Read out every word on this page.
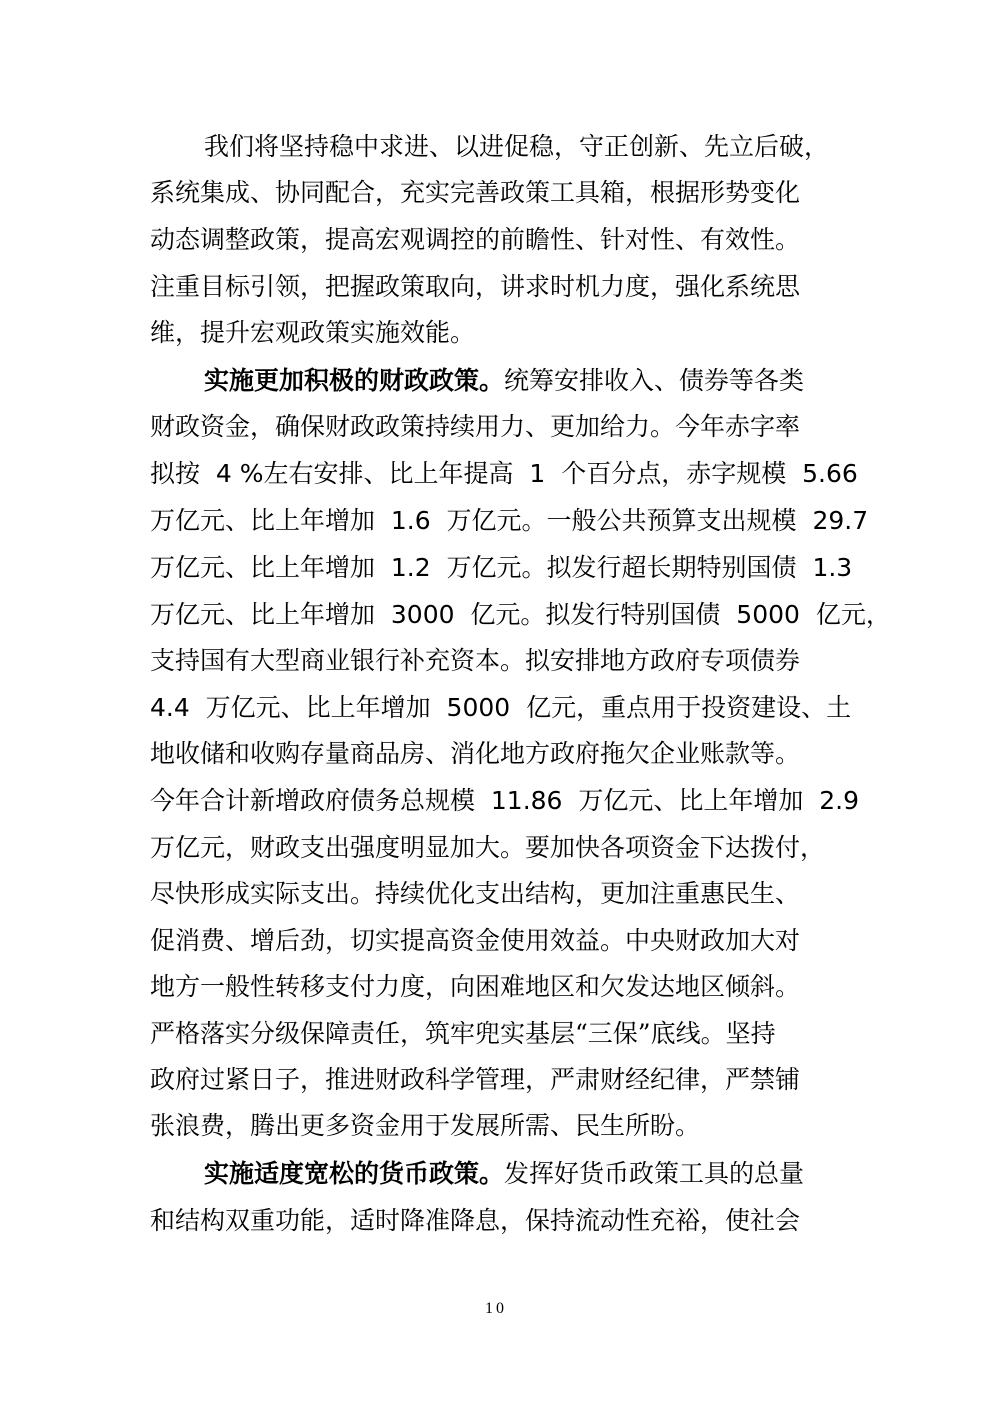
我们将坚持稳中求进、以进促稳，守正创新、先立后破，
系统集成、协同配合，充实完善政策工具箱，根据形势变化
动态调整政策，提高宏观调控的前瞻性、针对性、有效性。
注重目标引领，把握政策取向，讲求时机力度，强化系统思
维，提升宏观政策实施效能。
实施更加积极的财政政策。统筹安排收入、债券等各类
财政资金，确保财政政策持续用力、更加给力。今年赤字率
拟按  4 %左右安排、比上年提高  1  个百分点，赤字规模  5.66
万亿元、比上年增加  1.6  万亿元。一般公共预算支出规模  29.7
万亿元、比上年增加  1.2  万亿元。拟发行超长期特别国债  1.3
万亿元、比上年增加  3000  亿元。拟发行特别国债  5000  亿元，
支持国有大型商业银行补充资本。拟安排地方政府专项债券
4.4  万亿元、比上年增加  5000  亿元，重点用于投资建设、土
地收储和收购存量商品房、消化地方政府拖欠企业账款等。
今年合计新增政府债务总规模  11.86  万亿元、比上年增加  2.9
万亿元，财政支出强度明显加大。要加快各项资金下达拨付，
尽快形成实际支出。持续优化支出结构，更加注重惠民生、
促消费、增后劲，切实提高资金使用效益。中央财政加大对
地方一般性转移支付力度，向困难地区和欠发达地区倾斜。
严格落实分级保障责任，筑牢兜实基层“三保”底线。坚持
政府过紧日子，推进财政科学管理，严肃财经纪律，严禁铺
张浪费，腾出更多资金用于发展所需、民生所盼。
实施适度宽松的货币政策。发挥好货币政策工具的总量
和结构双重功能，适时降准降息，保持流动性充裕，使社会
10
